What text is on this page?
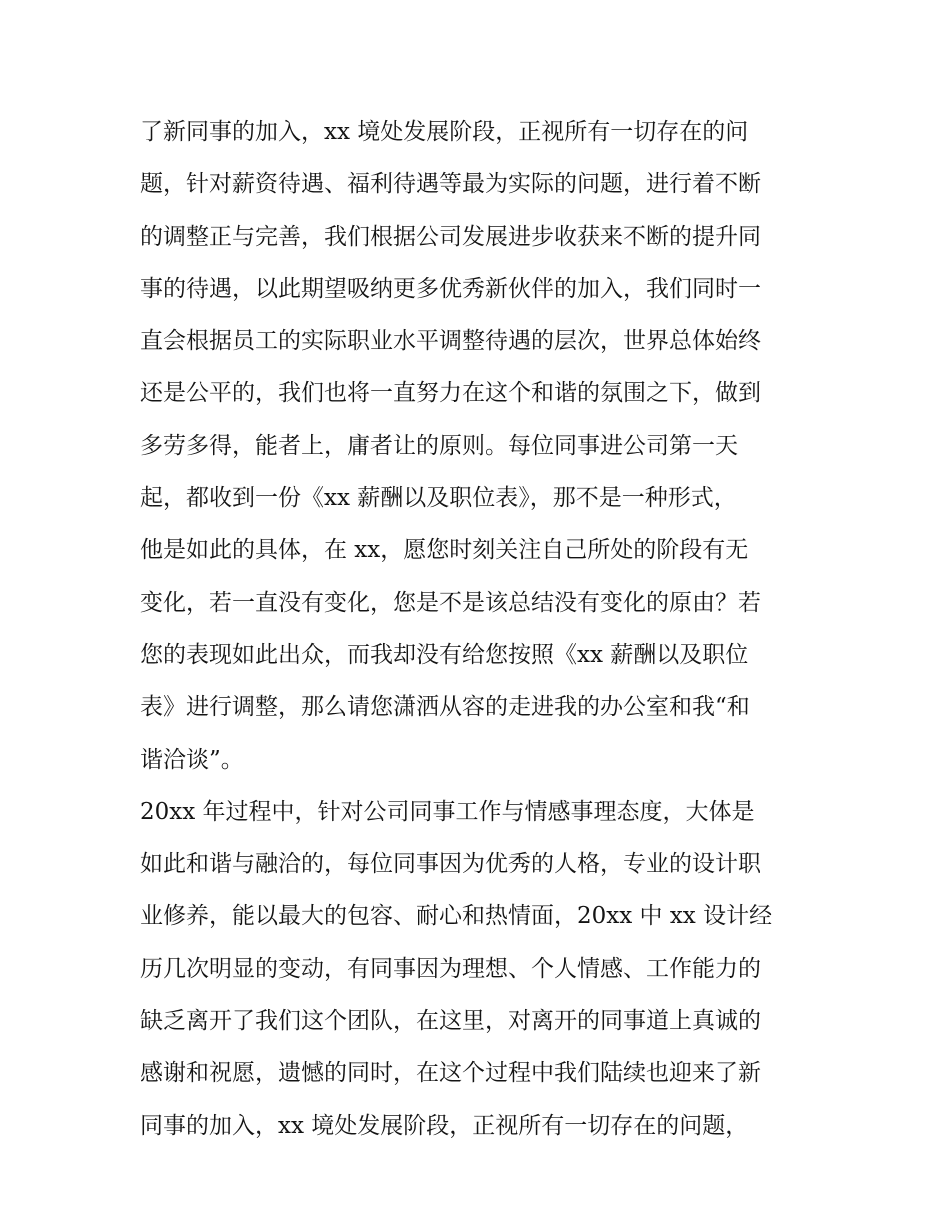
了新同事的加入，xx 境处发展阶段，正视所有一切存在的问
题，针对薪资待遇、福利待遇等最为实际的问题，进行着不断
的调整正与完善，我们根据公司发展进步收获来不断的提升同
事的待遇，以此期望吸纳更多优秀新伙伴的加入，我们同时一
直会根据员工的实际职业水平调整待遇的层次，世界总体始终
还是公平的，我们也将一直努力在这个和谐的氛围之下，做到
多劳多得，能者上，庸者让的原则。每位同事进公司第一天
起，都收到一份《xx 薪酬以及职位表》，那不是一种形式，
他是如此的具体，在 xx，愿您时刻关注自己所处的阶段有无
变化，若一直没有变化，您是不是该总结没有变化的原由？若
您的表现如此出众，而我却没有给您按照《xx 薪酬以及职位
表》进行调整，那么请您潇洒从容的走进我的办公室和我“和
谐洽谈”。
20xx 年过程中，针对公司同事工作与情感事理态度，大体是
如此和谐与融洽的，每位同事因为优秀的人格，专业的设计职
业修养，能以最大的包容、耐心和热情面，20xx 中 xx 设计经
历几次明显的变动，有同事因为理想、个人情感、工作能力的
缺乏离开了我们这个团队，在这里，对离开的同事道上真诚的
感谢和祝愿，遗憾的同时，在这个过程中我们陆续也迎来了新
同事的加入，xx 境处发展阶段，正视所有一切存在的问题，
